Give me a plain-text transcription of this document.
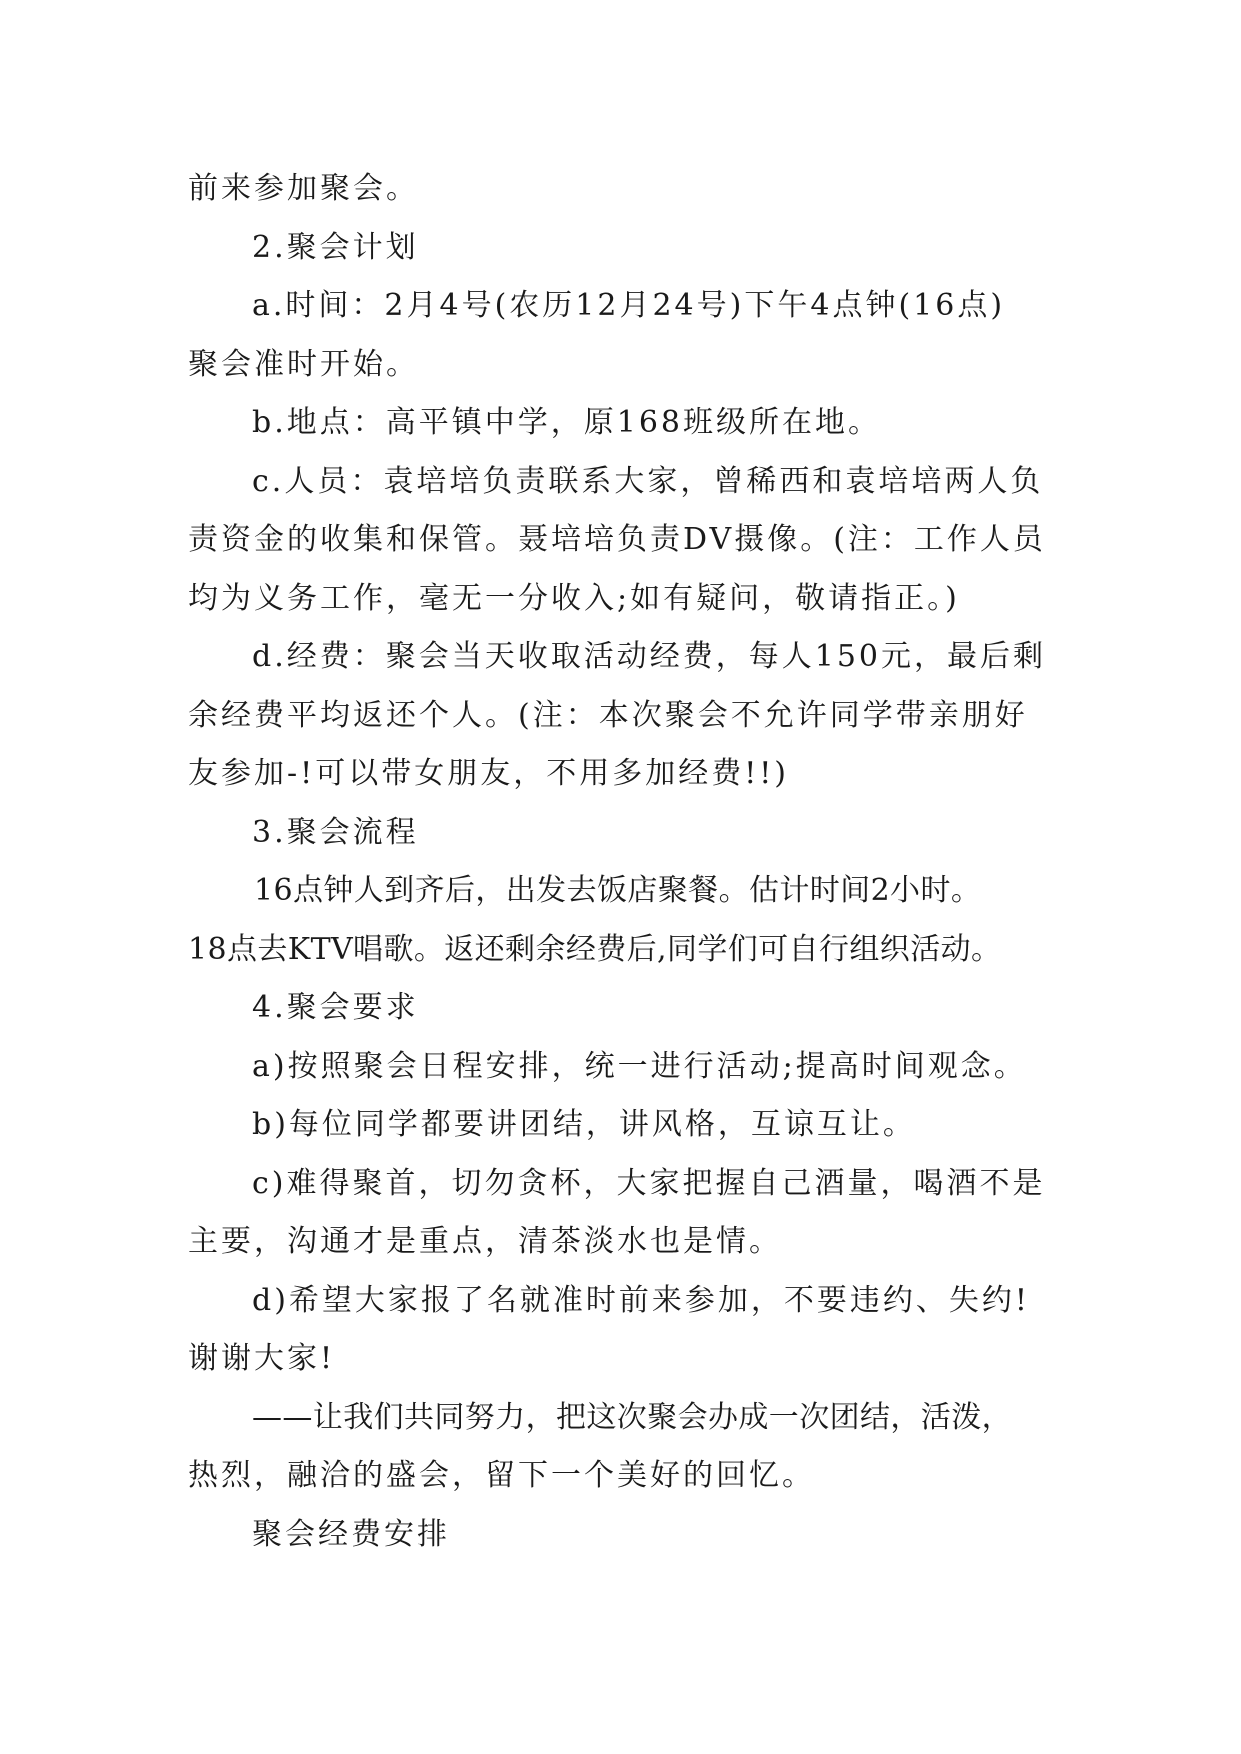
前来参加聚会。
2.聚会计划
a.时间：2月4号(农历12月24号)下午4点钟(16点)
聚会准时开始。
b.地点：高平镇中学，原168班级所在地。
c.人员：袁培培负责联系大家，曾稀西和袁培培两人负
责资金的收集和保管。聂培培负责DV摄像。(注：工作人员
均为义务工作，毫无一分收入;如有疑问，敬请指正。)
d.经费：聚会当天收取活动经费，每人150元，最后剩
余经费平均返还个人。(注：本次聚会不允许同学带亲朋好
友参加-!可以带女朋友，不用多加经费!!)
3.聚会流程
16点钟人到齐后，出发去饭店聚餐。估计时间2小时。
18点去KTV唱歌。返还剩余经费后,同学们可自行组织活动。
4.聚会要求
a)按照聚会日程安排，统一进行活动;提高时间观念。
b)每位同学都要讲团结，讲风格，互谅互让。
c)难得聚首，切勿贪杯，大家把握自己酒量，喝酒不是
主要，沟通才是重点，清茶淡水也是情。
d)希望大家报了名就准时前来参加，不要违约、失约!
谢谢大家!
——让我们共同努力，把这次聚会办成一次团结，活泼，
热烈，融洽的盛会，留下一个美好的回忆。
聚会经费安排
